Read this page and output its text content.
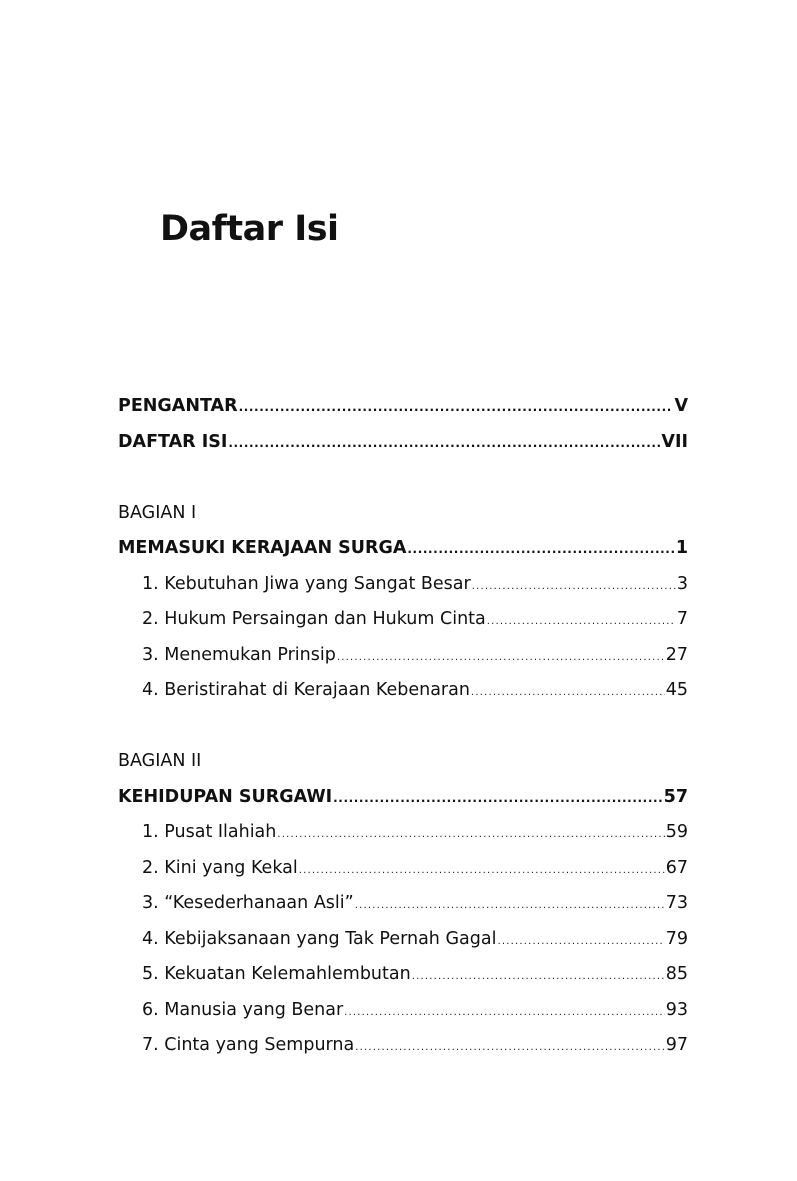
Daftar Isi
PENGANTAR .....	V
DAFTAR ISI .....	VII
BAGIAN I
MEMASUKI KERAJAAN SURGA .....	1
1. Kebutuhan Jiwa yang Sangat Besar .....	3
2. Hukum Persaingan dan Hukum Cinta .....	7
3. Menemukan Prinsip .....	27
4. Beristirahat di Kerajaan Kebenaran .....	45
BAGIAN II
KEHIDUPAN SURGAWI .....	57
1. Pusat Ilahiah .....	59
2. Kini yang Kekal .....	67
3. “Kesederhanaan Asli” .....	73
4. Kebijaksanaan yang Tak Pernah Gagal .....	79
5. Kekuatan Kelemahlembutan .....	85
6. Manusia yang Benar .....	93
7. Cinta yang Sempurna .....	97
